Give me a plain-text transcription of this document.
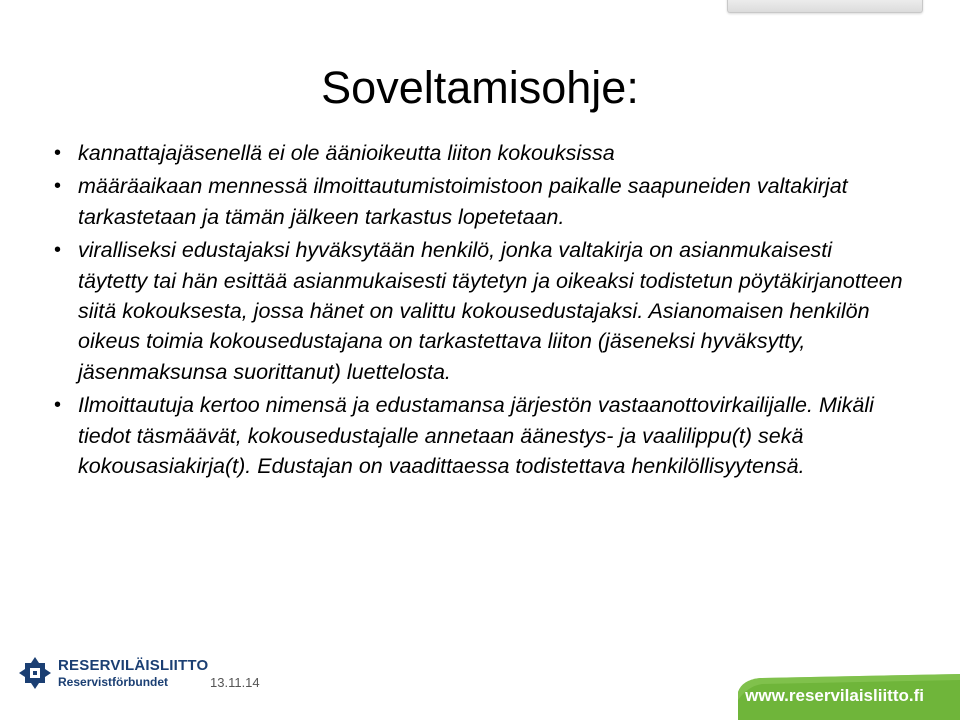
Soveltamisohje:
• kannattajajäsenellä ei ole äänioikeutta liiton kokouksissa
• määräaikaan mennessä ilmoittautumistoimistoon paikalle saapuneiden valtakirjat tarkastetaan ja tämän jälkeen tarkastus lopetetaan.
• viralliseksi edustajaksi hyväksytään henkilö, jonka valtakirja on asianmukaisesti täytetty tai hän esittää asianmukaisesti täytetyn ja oikeaksi todistetun pöytäkirjanotteen siitä kokouksesta, jossa hänet on valittu kokousedustajaksi. Asianomaisen henkilön oikeus toimia kokousedustajana on tarkastettava liiton (jäseneksi hyväksytty, jäsenmaksunsa suorittanut) luettelosta.
• Ilmoittautuja kertoo nimensä ja edustamansa järjestön vastaanottovirkailijalle. Mikäli tiedot täsmäävät, kokousedustajalle annetaan äänestys- ja vaalilippu(t) sekä kokousasiakirja(t). Edustajan on vaadittaessa todistettava henkilöllisyytensä.
RESERVILÄISLIITTO
Reservistförbundet	13.11.14
www.reservilaisliitto.fi
